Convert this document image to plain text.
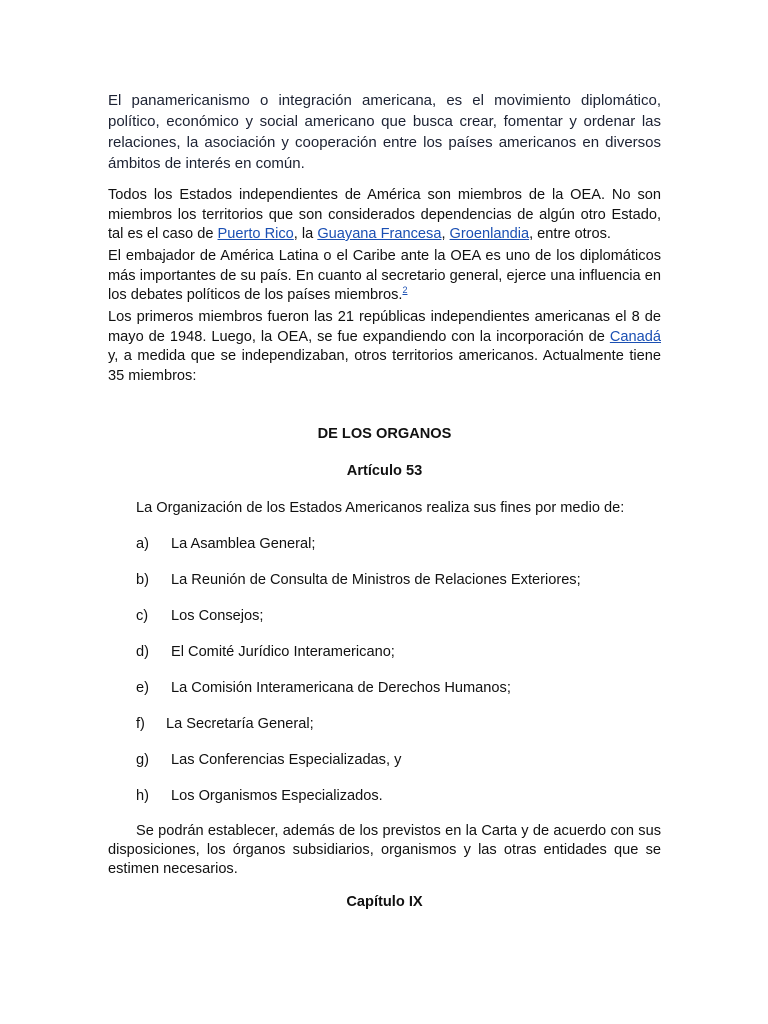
El panamericanismo o integración americana, es el movimiento diplomático, político, económico y social americano que busca crear, fomentar y ordenar las relaciones, la asociación y cooperación entre los países americanos en diversos ámbitos de interés en común.

Todos los Estados independientes de América son miembros de la OEA. No son miembros los territorios que son considerados dependencias de algún otro Estado, tal es el caso de Puerto Rico, la Guayana Francesa, Groenlandia, entre otros.

El embajador de América Latina o el Caribe ante la OEA es uno de los diplomáticos más importantes de su país. En cuanto al secretario general, ejerce una influencia en los debates políticos de los países miembros.$^2$

Los primeros miembros fueron las 21 repúblicas independientes americanas el 8 de mayo de 1948. Luego, la OEA, se fue expandiendo con la incorporación de Canadá y, a medida que se independizaban, otros territorios americanos. Actualmente tiene 35 miembros:

DE LOS ORGANOS
Artículo 53

La Organización de los Estados Americanos realiza sus fines por medio de:

a) La Asamblea General;

b) La Reunión de Consulta de Ministros de Relaciones Exteriores;

c) Los Consejos;

d) El Comité Jurídico Interamericano;

e) La Comisión Interamericana de Derechos Humanos;

f) La Secretaría General;

g) Las Conferencias Especializadas, y

h) Los Organismos Especializados.

Se podrán establecer, además de los previstos en la Carta y de acuerdo con sus disposiciones, los órganos subsidiarios, organismos y las otras entidades que se estimen necesarios.

Capítulo IX
